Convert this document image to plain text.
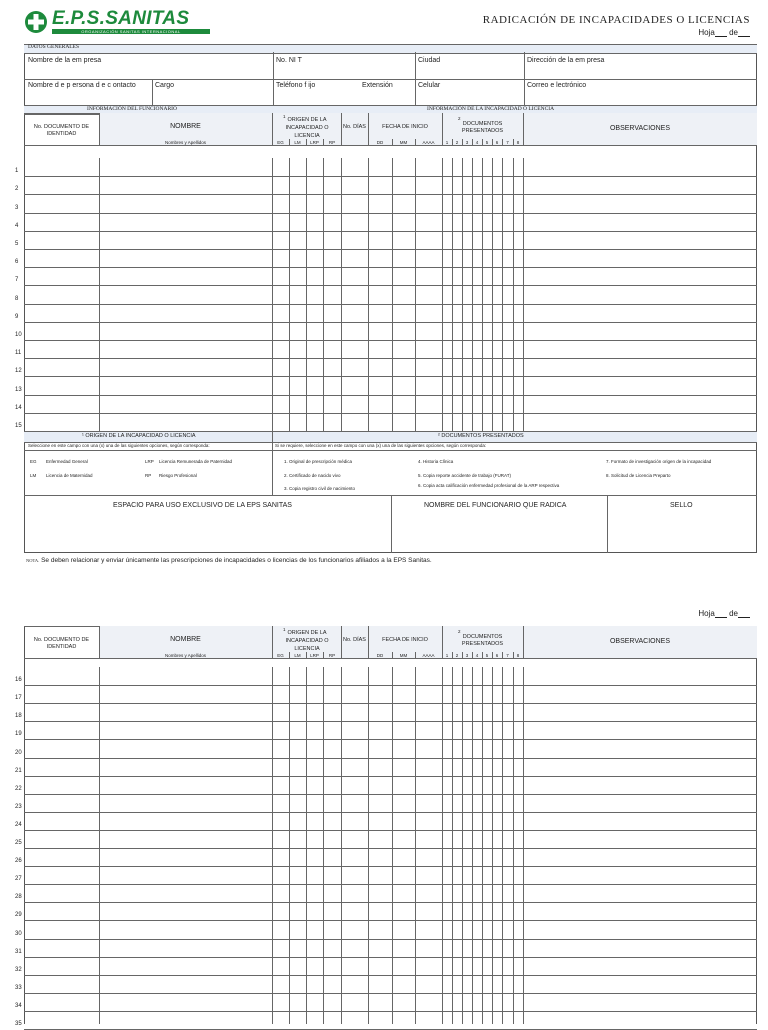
E.P.S.SANITAS
ORGANIZACIÓN SANITAS INTERNACIONAL
RADICACIÓN DE INCAPACIDADES O LICENCIAS
Hoja de
DATOS GENERALES
Nombre de la em presa	No. NI T	Ciudad	Dirección de la em presa
Nombre d e p ersona d e c ontacto	Cargo	Teléfono f ijo	Extensión	Celular	Correo e lectrónico
INFORMACIÓN DEL FUNCIONARIO	INFORMACIÓN DE LA INCAPACIDAD O LICENCIA
No. DOCUMENTO DE IDENTIDAD
NOMBRE
Nombres y Apellidos
1
ORIGEN DE LA INCAPACIDAD O LICENCIA
No. DÍAS	FECHA DE INICIO
2
DOCUMENTOS PRESENTADOS	OBSERVACIONES
EG	LM	LRP	RP	DD	MM	AAAA	1	2	3	4	5	6	7	8
1
2
3
4
5
6
7
8
9
10
11
12
13
14
15
¹ ORIGEN DE LA INCAPACIDAD O LICENCIA	² DOCUMENTOS PRESENTADOS
Seleccione en este campo con una (x) una de las siguientes opciones, según corresponda:	Si se requiere, seleccione en este campo con una (x) una de las siguientes opciones, según corresponda:
EG Enfermedad General	LRP Licencia Remunerada de Paternidad
LM Licencia de Maternidad	RP Riesgo Profesional
1. Original de prescripción médica	4. Historia Clínica	7. Formato de investigación origen de la incapacidad
2. Certificado de nacido vivo	5. Copia reporte accidente de trabajo (FURAT)	8. Solicitud de Licencia Preparto
3. Copia registro civil de nacimiento
6. Copia acta calificación enfermedad profesional de la ARP respectiva
ESPACIO PARA USO EXCLUSIVO DE LA EPS SANITAS	NOMBRE DEL FUNCIONARIO QUE RADICA	SELLO
NOTA. Se deben relacionar y enviar únicamente las prescripciones de incapacidades o licencias de los funcionarios afiliados a la EPS Sanitas.
Hoja de
No. DOCUMENTO DE IDENTIDAD
NOMBRE
Nombres y Apellidos
1
ORIGEN DE LA INCAPACIDAD O LICENCIA
No. DÍAS	FECHA DE INICIO
2
DOCUMENTOS PRESENTADOS	OBSERVACIONES
EG	LM	LRP	RP	DD	MM	AAAA	1	2	3	4	5	6	7	8
16
17
18
19
20
21
22
23
24
25
26
27
28
29
30
31
32
33
34
35
